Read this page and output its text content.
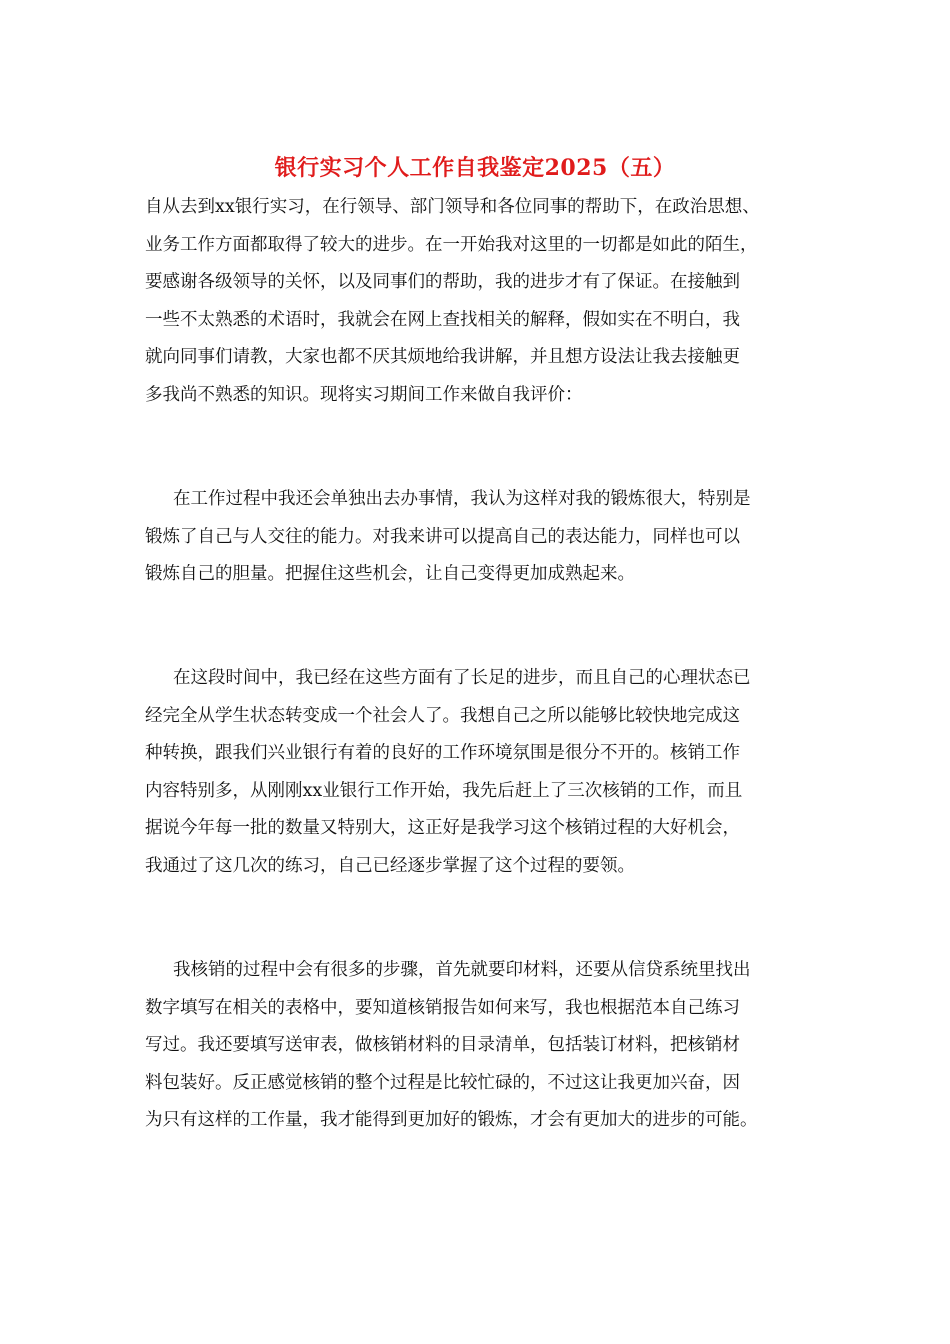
银行实习个人工作自我鉴定2025（五）
自从去到xx银行实习，在行领导、部门领导和各位同事的帮助下，在政治思想、
业务工作方面都取得了较大的进步。在一开始我对这里的一切都是如此的陌生，
要感谢各级领导的关怀，以及同事们的帮助，我的进步才有了保证。在接触到
一些不太熟悉的术语时，我就会在网上查找相关的解释，假如实在不明白，我
就向同事们请教，大家也都不厌其烦地给我讲解，并且想方设法让我去接触更
多我尚不熟悉的知识。现将实习期间工作来做自我评价：
在工作过程中我还会单独出去办事情，我认为这样对我的锻炼很大，特别是
锻炼了自己与人交往的能力。对我来讲可以提高自己的表达能力，同样也可以
锻炼自己的胆量。把握住这些机会，让自己变得更加成熟起来。
在这段时间中，我已经在这些方面有了长足的进步，而且自己的心理状态已
经完全从学生状态转变成一个社会人了。我想自己之所以能够比较快地完成这
种转换，跟我们兴业银行有着的良好的工作环境氛围是很分不开的。核销工作
内容特别多，从刚刚xx业银行工作开始，我先后赶上了三次核销的工作，而且
据说今年每一批的数量又特别大，这正好是我学习这个核销过程的大好机会，
我通过了这几次的练习，自己已经逐步掌握了这个过程的要领。
我核销的过程中会有很多的步骤，首先就要印材料，还要从信贷系统里找出
数字填写在相关的表格中，要知道核销报告如何来写，我也根据范本自己练习
写过。我还要填写送审表，做核销材料的目录清单，包括装订材料，把核销材
料包装好。反正感觉核销的整个过程是比较忙碌的，不过这让我更加兴奋，因
为只有这样的工作量，我才能得到更加好的锻炼，才会有更加大的进步的可能。
